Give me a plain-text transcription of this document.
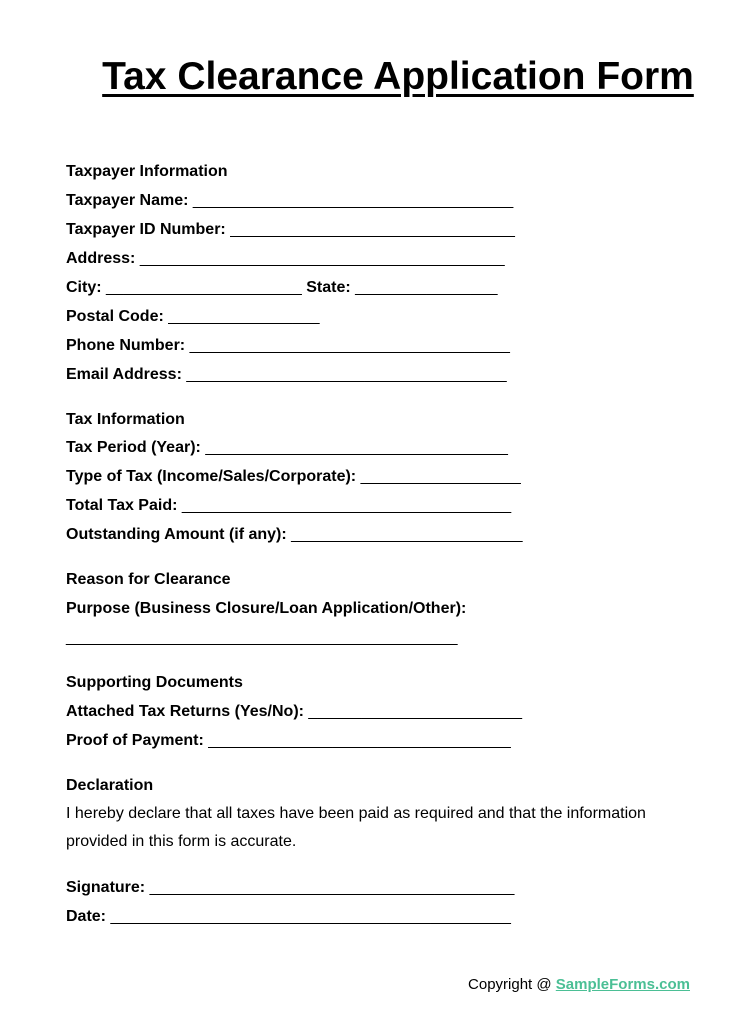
Tax Clearance Application Form
Taxpayer Information
Taxpayer Name: ____________________________________
Taxpayer ID Number: ________________________________
Address: _________________________________________
City: ______________________ State: ________________
Postal Code: _________________
Phone Number: ____________________________________
Email Address: ____________________________________
Tax Information
Tax Period (Year): __________________________________
Type of Tax (Income/Sales/Corporate): __________________
Total Tax Paid: _____________________________________
Outstanding Amount (if any): __________________________
Reason for Clearance
Purpose (Business Closure/Loan Application/Other):
____________________________________________
Supporting Documents
Attached Tax Returns (Yes/No): ________________________
Proof of Payment: __________________________________
Declaration
I hereby declare that all taxes have been paid as required and that the information provided in this form is accurate.
Signature: _________________________________________
Date: _____________________________________________
Copyright @ SampleForms.com
